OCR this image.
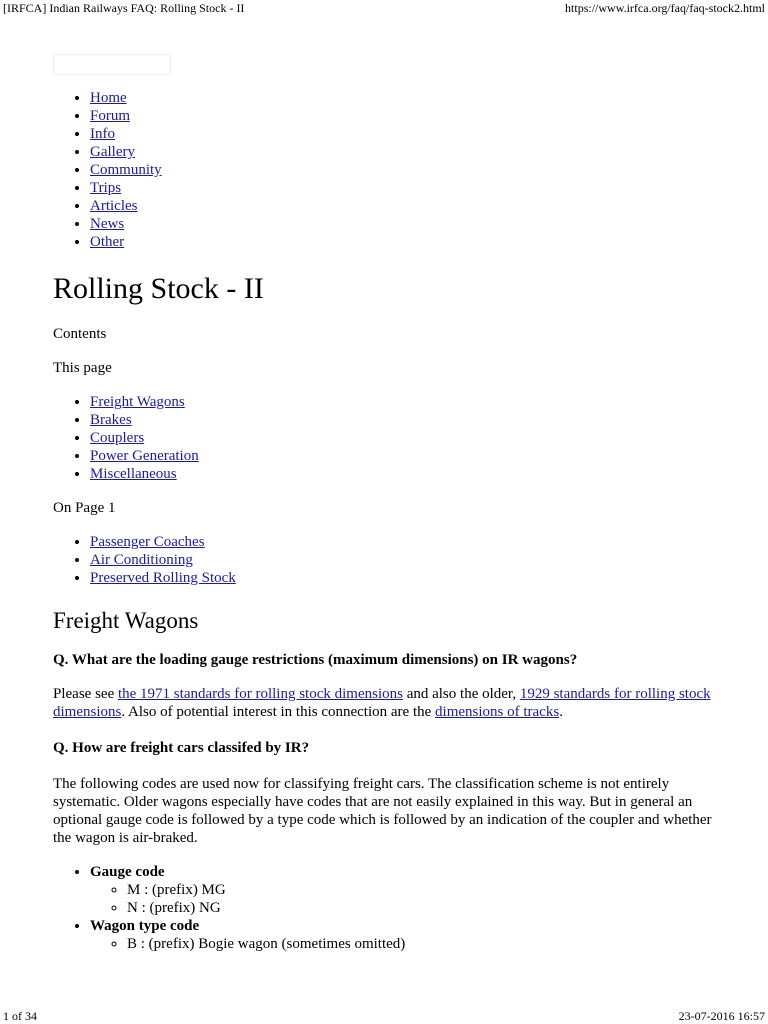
[IRFCA] Indian Railways FAQ: Rolling Stock - II	https://www.irfca.org/faq/faq-stock2.html
• Home
• Forum
• Info
• Gallery
• Community
• Trips
• Articles
• News
• Other
Rolling Stock - II

Contents

This page

• Freight Wagons
• Brakes
• Couplers
• Power Generation
• Miscellaneous

On Page 1

• Passenger Coaches
• Air Conditioning
• Preserved Rolling Stock
Freight Wagons

Q. What are the loading gauge restrictions (maximum dimensions) on IR wagons?

Please see the 1971 standards for rolling stock dimensions and also the older, 1929 standards for rolling stock dimensions. Also of potential interest in this connection are the dimensions of tracks.

Q. How are freight cars classifed by IR?

The following codes are used now for classifying freight cars. The classification scheme is not entirely systematic. Older wagons especially have codes that are not easily explained in this way. But in general an optional gauge code is followed by a type code which is followed by an indication of the coupler and whether the wagon is air-braked.

• Gauge code
◦ M : (prefix) MG
◦ N : (prefix) NG
• Wagon type code
◦ B : (prefix) Bogie wagon (sometimes omitted)
1 of 34	23-07-2016 16:57
